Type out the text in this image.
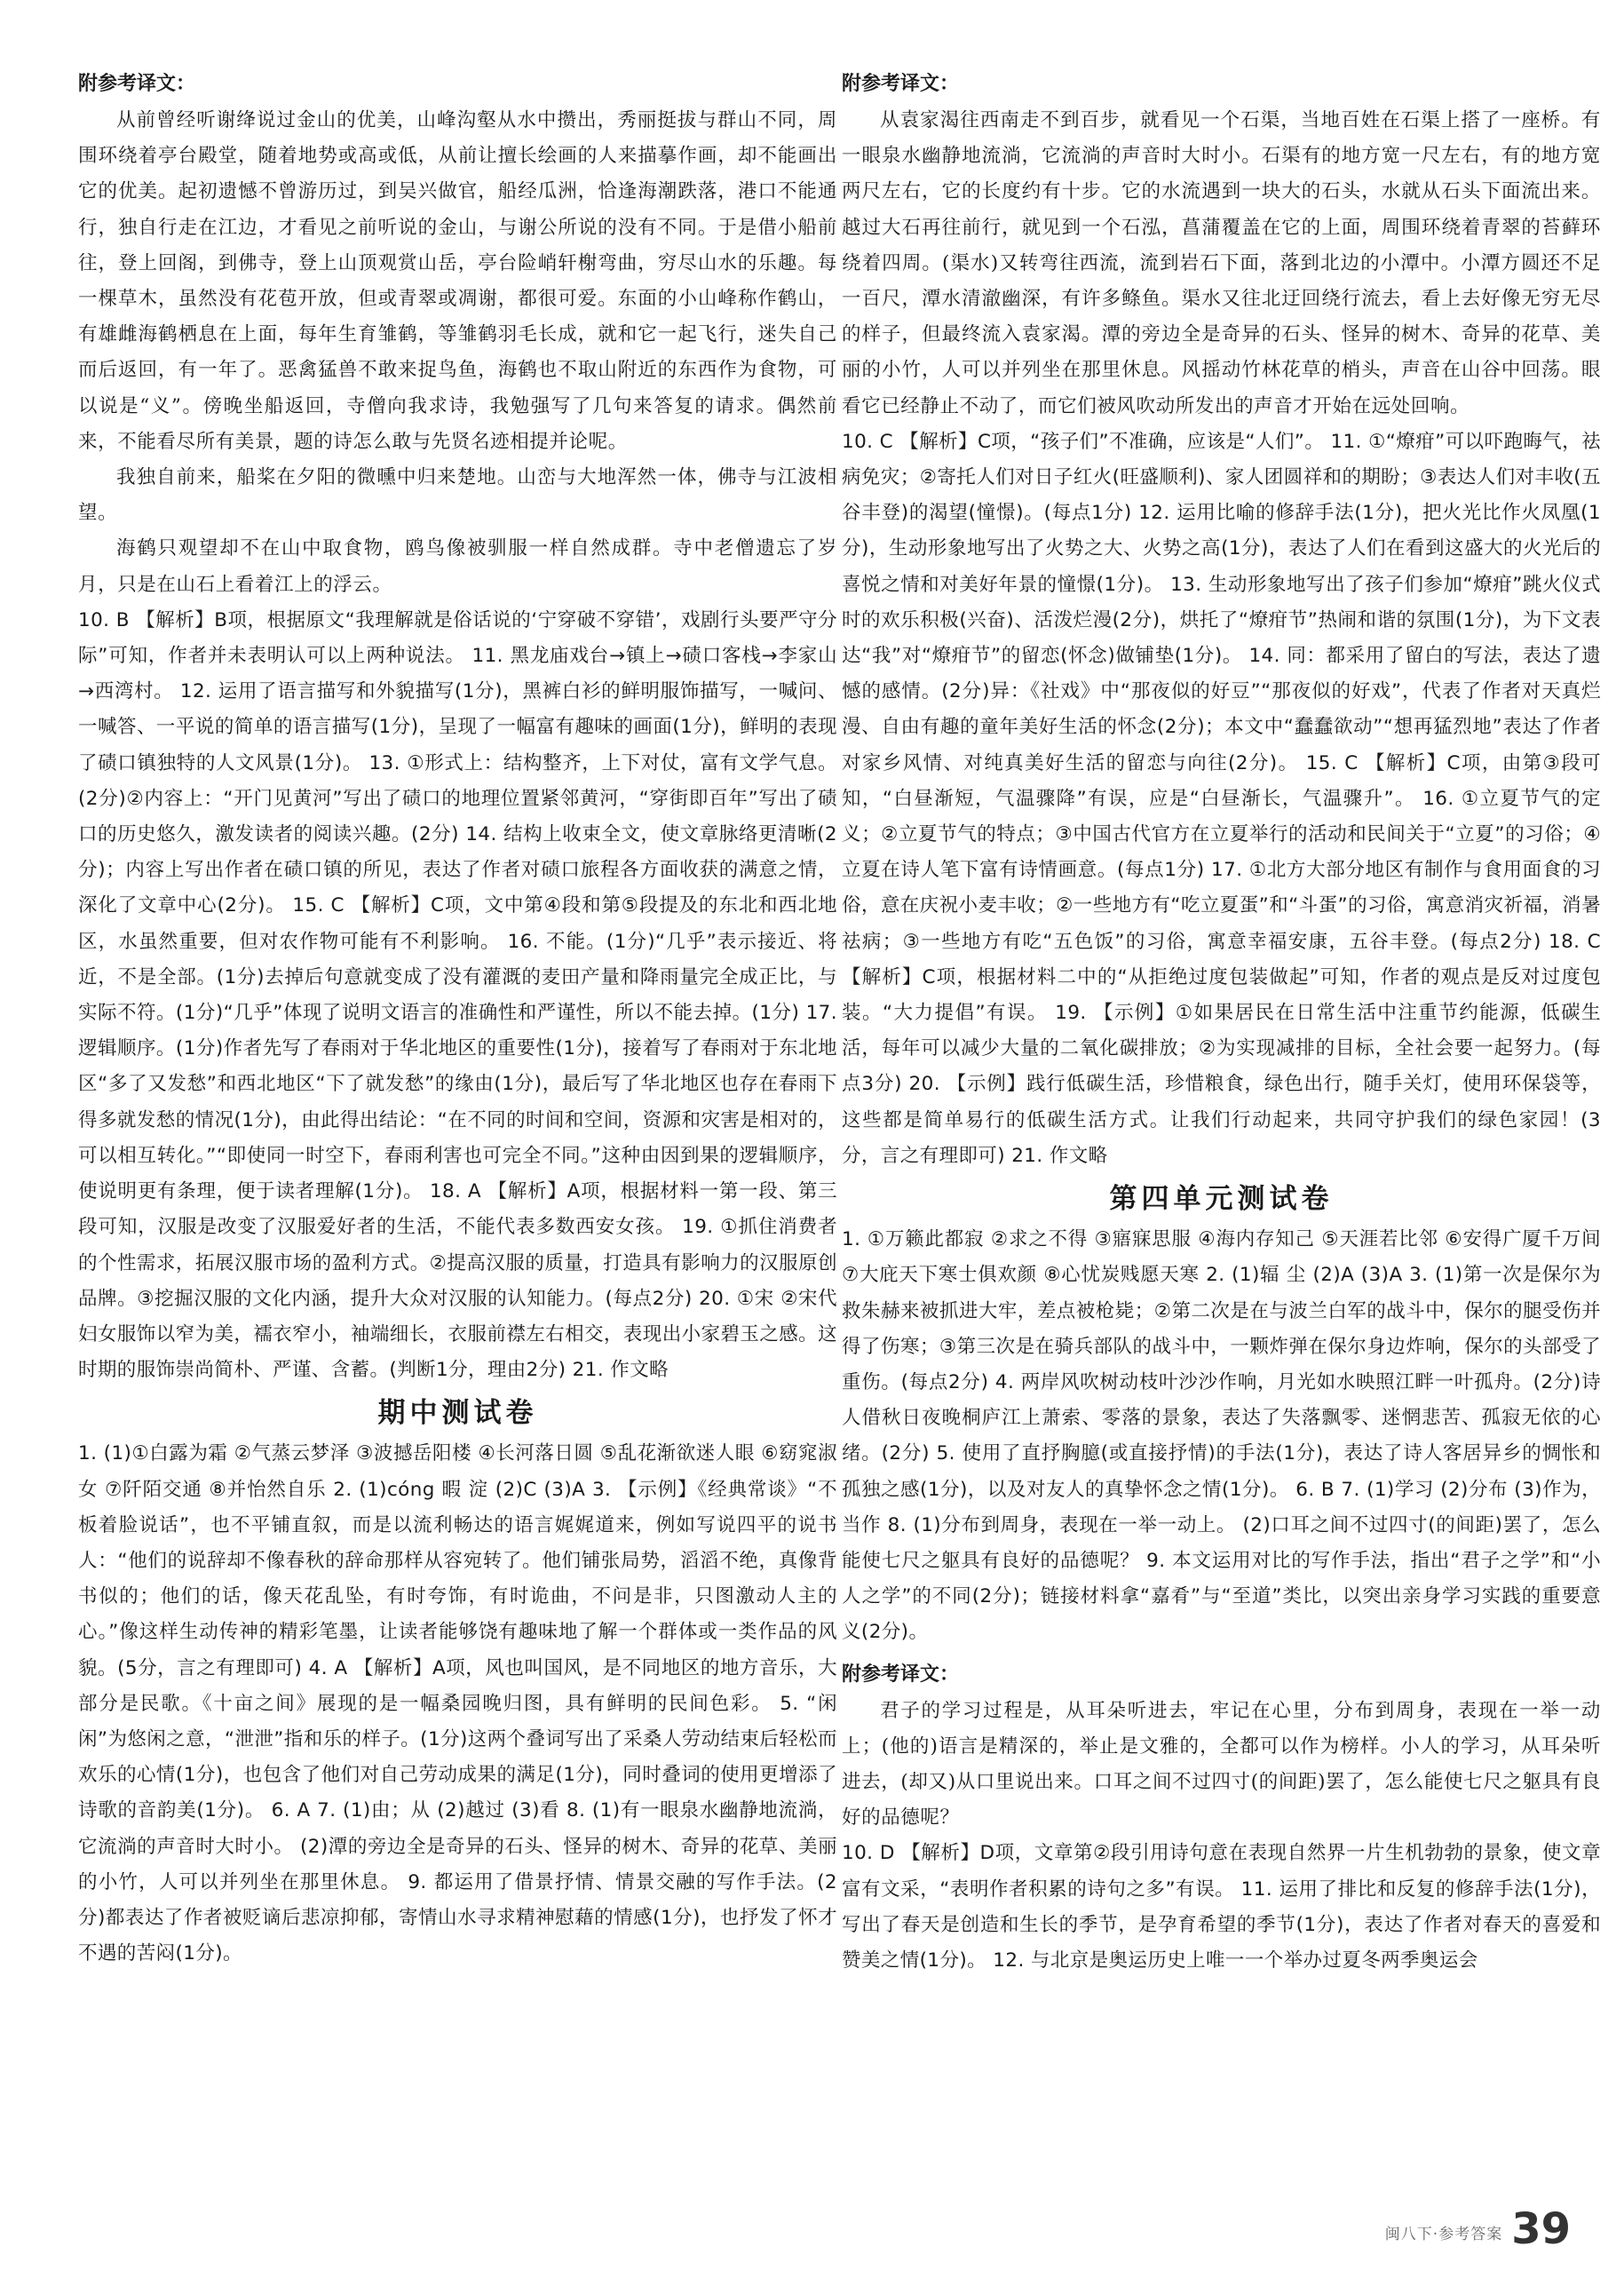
附参考译文：

从前曾经听谢绛说过金山的优美，山峰沟壑从水中攒出，秀丽挺拔与群山不同，周围环绕着亭台殿堂，随着地势或高或低，从前让擅长绘画的人来描摹作画，却不能画出它的优美。起初遗憾不曾游历过，到吴兴做官，船经瓜洲，恰逢海潮跌落，港口不能通行，独自行走在江边，才看见之前听说的金山，与谢公所说的没有不同。于是借小船前往，登上回阁，到佛寺，登上山顶观赏山岳，亭台险峭轩榭弯曲，穷尽山水的乐趣。每一棵草木，虽然没有花苞开放，但或青翠或凋谢，都很可爱。东面的小山峰称作鹤山，有雄雌海鹤栖息在上面，每年生育雏鹤，等雏鹤羽毛长成，就和它一起飞行，迷失自己而后返回，有一年了。恶禽猛兽不敢来捉鸟鱼，海鹤也不取山附近的东西作为食物，可以说是“义”。傍晚坐船返回，寺僧向我求诗，我勉强写了几句来答复的请求。偶然前来，不能看尽所有美景，题的诗怎么敢与先贤名迹相提并论呢。

我独自前来，船桨在夕阳的微曛中归来楚地。山峦与大地浑然一体，佛寺与江波相望。

海鹤只观望却不在山中取食物，鸥鸟像被驯服一样自然成群。寺中老僧遗忘了岁月，只是在山石上看着江上的浮云。

10. B 【解析】B项，根据原文“我理解就是俗话说的‘宁穿破不穿错’，戏剧行头要严守分际”可知，作者并未表明认可以上两种说法。 11. 黑龙庙戏台→镇上→碛口客栈→李家山→西湾村。 12. 运用了语言描写和外貌描写(1分)，黑裤白衫的鲜明服饰描写，一喊问、一喊答、一平说的简单的语言描写(1分)，呈现了一幅富有趣味的画面(1分)，鲜明的表现了碛口镇独特的人文风景(1分)。 13. ①形式上：结构整齐，上下对仗，富有文学气息。(2分)②内容上：“开门见黄河”写出了碛口的地理位置紧邻黄河，“穿街即百年”写出了碛口的历史悠久，激发读者的阅读兴趣。(2分) 14. 结构上收束全文，使文章脉络更清晰(2分)；内容上写出作者在碛口镇的所见，表达了作者对碛口旅程各方面收获的满意之情，深化了文章中心(2分)。 15. C 【解析】C项，文中第④段和第⑤段提及的东北和西北地区，水虽然重要，但对农作物可能有不利影响。 16. 不能。(1分)“几乎”表示接近、将近，不是全部。(1分)去掉后句意就变成了没有灌溉的麦田产量和降雨量完全成正比，与实际不符。(1分)“几乎”体现了说明文语言的准确性和严谨性，所以不能去掉。(1分) 17. 逻辑顺序。(1分)作者先写了春雨对于华北地区的重要性(1分)，接着写了春雨对于东北地区“多了又发愁”和西北地区“下了就发愁”的缘由(1分)，最后写了华北地区也存在春雨下得多就发愁的情况(1分)，由此得出结论：“在不同的时间和空间，资源和灾害是相对的，可以相互转化。”“即使同一时空下，春雨利害也可完全不同。”这种由因到果的逻辑顺序，使说明更有条理，便于读者理解(1分)。 18. A 【解析】A项，根据材料一第一段、第三段可知，汉服是改变了汉服爱好者的生活，不能代表多数西安女孩。 19. ①抓住消费者的个性需求，拓展汉服市场的盈利方式。②提高汉服的质量，打造具有影响力的汉服原创品牌。③挖掘汉服的文化内涵，提升大众对汉服的认知能力。(每点2分) 20. ①宋 ②宋代妇女服饰以窄为美，襦衣窄小，袖端细长，衣服前襟左右相交，表现出小家碧玉之感。这时期的服饰崇尚简朴、严谨、含蓄。(判断1分，理由2分) 21. 作文略

期中测试卷

1. (1)①白露为霜 ②气蒸云梦泽 ③波撼岳阳楼 ④长河落日圆 ⑤乱花渐欲迷人眼 ⑥窈窕淑女 ⑦阡陌交通 ⑧并怡然自乐 2. (1)cóng 暇 淀 (2)C (3)A 3. 【示例】《经典常谈》“不板着脸说话”，也不平铺直叙，而是以流利畅达的语言娓娓道来，例如写说四平的说书人：“他们的说辞却不像春秋的辞命那样从容宛转了。他们铺张局势，滔滔不绝，真像背书似的；他们的话，像天花乱坠，有时夸饰，有时诡曲，不问是非，只图激动人主的心。”像这样生动传神的精彩笔墨，让读者能够饶有趣味地了解一个群体或一类作品的风貌。(5分，言之有理即可) 4. A 【解析】A项，风也叫国风，是不同地区的地方音乐，大部分是民歌。《十亩之间》展现的是一幅桑园晚归图，具有鲜明的民间色彩。 5. “闲闲”为悠闲之意，“泄泄”指和乐的样子。(1分)这两个叠词写出了采桑人劳动结束后轻松而欢乐的心情(1分)，也包含了他们对自己劳动成果的满足(1分)，同时叠词的使用更增添了诗歌的音韵美(1分)。 6. A 7. (1)由；从 (2)越过 (3)看 8. (1)有一眼泉水幽静地流淌，它流淌的声音时大时小。 (2)潭的旁边全是奇异的石头、怪异的树木、奇异的花草、美丽的小竹，人可以并列坐在那里休息。 9. 都运用了借景抒情、情景交融的写作手法。(2分)都表达了作者被贬谪后悲凉抑郁，寄情山水寻求精神慰藉的情感(1分)，也抒发了怀才不遇的苦闷(1分)。

附参考译文：

从袁家渴往西南走不到百步，就看见一个石渠，当地百姓在石渠上搭了一座桥。有一眼泉水幽静地流淌，它流淌的声音时大时小。石渠有的地方宽一尺左右，有的地方宽两尺左右，它的长度约有十步。它的水流遇到一块大的石头，水就从石头下面流出来。越过大石再往前行，就见到一个石泓，菖蒲覆盖在它的上面，周围环绕着青翠的苔藓环绕着四周。(渠水)又转弯往西流，流到岩石下面，落到北边的小潭中。小潭方圆还不足一百尺，潭水清澈幽深，有许多鲦鱼。渠水又往北迂回绕行流去，看上去好像无穷无尽的样子，但最终流入袁家渴。潭的旁边全是奇异的石头、怪异的树木、奇异的花草、美丽的小竹，人可以并列坐在那里休息。风摇动竹林花草的梢头，声音在山谷中回荡。眼看它已经静止不动了，而它们被风吹动所发出的声音才开始在远处回响。

10. C 【解析】C项，“孩子们”不准确，应该是“人们”。 11. ①“燎疳”可以吓跑晦气，祛病免灾；②寄托人们对日子红火(旺盛顺利)、家人团圆祥和的期盼；③表达人们对丰收(五谷丰登)的渴望(憧憬)。(每点1分) 12. 运用比喻的修辞手法(1分)，把火光比作火凤凰(1分)，生动形象地写出了火势之大、火势之高(1分)，表达了人们在看到这盛大的火光后的喜悦之情和对美好年景的憧憬(1分)。 13. 生动形象地写出了孩子们参加“燎疳”跳火仪式时的欢乐积极(兴奋)、活泼烂漫(2分)，烘托了“燎疳节”热闹和谐的氛围(1分)，为下文表达“我”对“燎疳节”的留恋(怀念)做铺垫(1分)。 14. 同：都采用了留白的写法，表达了遗憾的感情。(2分)异：《社戏》中“那夜似的好豆”“那夜似的好戏”，代表了作者对天真烂漫、自由有趣的童年美好生活的怀念(2分)；本文中“蠢蠢欲动”“想再猛烈地”表达了作者对家乡风情、对纯真美好生活的留恋与向往(2分)。 15. C 【解析】C项，由第③段可知，“白昼渐短，气温骤降”有误，应是“白昼渐长，气温骤升”。 16. ①立夏节气的定义；②立夏节气的特点；③中国古代官方在立夏举行的活动和民间关于“立夏”的习俗；④立夏在诗人笔下富有诗情画意。(每点1分) 17. ①北方大部分地区有制作与食用面食的习俗，意在庆祝小麦丰收；②一些地方有“吃立夏蛋”和“斗蛋”的习俗，寓意消灾祈福，消暑祛病；③一些地方有吃“五色饭”的习俗，寓意幸福安康，五谷丰登。(每点2分) 18. C 【解析】C项，根据材料二中的“从拒绝过度包装做起”可知，作者的观点是反对过度包装。“大力提倡”有误。 19. 【示例】①如果居民在日常生活中注重节约能源，低碳生活，每年可以减少大量的二氧化碳排放；②为实现减排的目标，全社会要一起努力。(每点3分) 20. 【示例】践行低碳生活，珍惜粮食，绿色出行，随手关灯，使用环保袋等，这些都是简单易行的低碳生活方式。让我们行动起来，共同守护我们的绿色家园！(3分，言之有理即可) 21. 作文略

第四单元测试卷

1. ①万籁此都寂 ②求之不得 ③寤寐思服 ④海内存知己 ⑤天涯若比邻 ⑥安得广厦千万间 ⑦大庇天下寒士俱欢颜 ⑧心忧炭贱愿天寒 2. (1)辐 尘 (2)A (3)A 3. (1)第一次是保尔为救朱赫来被抓进大牢，差点被枪毙；②第二次是在与波兰白军的战斗中，保尔的腿受伤并得了伤寒；③第三次是在骑兵部队的战斗中，一颗炸弹在保尔身边炸响，保尔的头部受了重伤。(每点2分) 4. 两岸风吹树动枝叶沙沙作响，月光如水映照江畔一叶孤舟。(2分)诗人借秋日夜晚桐庐江上萧索、零落的景象，表达了失落飘零、迷惘悲苦、孤寂无依的心绪。(2分) 5. 使用了直抒胸臆(或直接抒情)的手法(1分)，表达了诗人客居异乡的惆怅和孤独之感(1分)，以及对友人的真挚怀念之情(1分)。 6. B 7. (1)学习 (2)分布 (3)作为，当作 8. (1)分布到周身，表现在一举一动上。 (2)口耳之间不过四寸(的间距)罢了，怎么能使七尺之躯具有良好的品德呢？ 9. 本文运用对比的写作手法，指出“君子之学”和“小人之学”的不同(2分)；链接材料拿“嘉肴”与“至道”类比，以突出亲身学习实践的重要意义(2分)。

附参考译文：

君子的学习过程是，从耳朵听进去，牢记在心里，分布到周身，表现在一举一动上；(他的)语言是精深的，举止是文雅的，全都可以作为榜样。小人的学习，从耳朵听进去，(却又)从口里说出来。口耳之间不过四寸(的间距)罢了，怎么能使七尺之躯具有良好的品德呢？

10. D 【解析】D项，文章第②段引用诗句意在表现自然界一片生机勃勃的景象，使文章富有文采，“表明作者积累的诗句之多”有误。 11. 运用了排比和反复的修辞手法(1分)，写出了春天是创造和生长的季节，是孕育希望的季节(1分)，表达了作者对春天的喜爱和赞美之情(1分)。 12. 与北京是奥运历史上唯一一个举办过夏冬两季奥运会

闽八下·参考答案 39
